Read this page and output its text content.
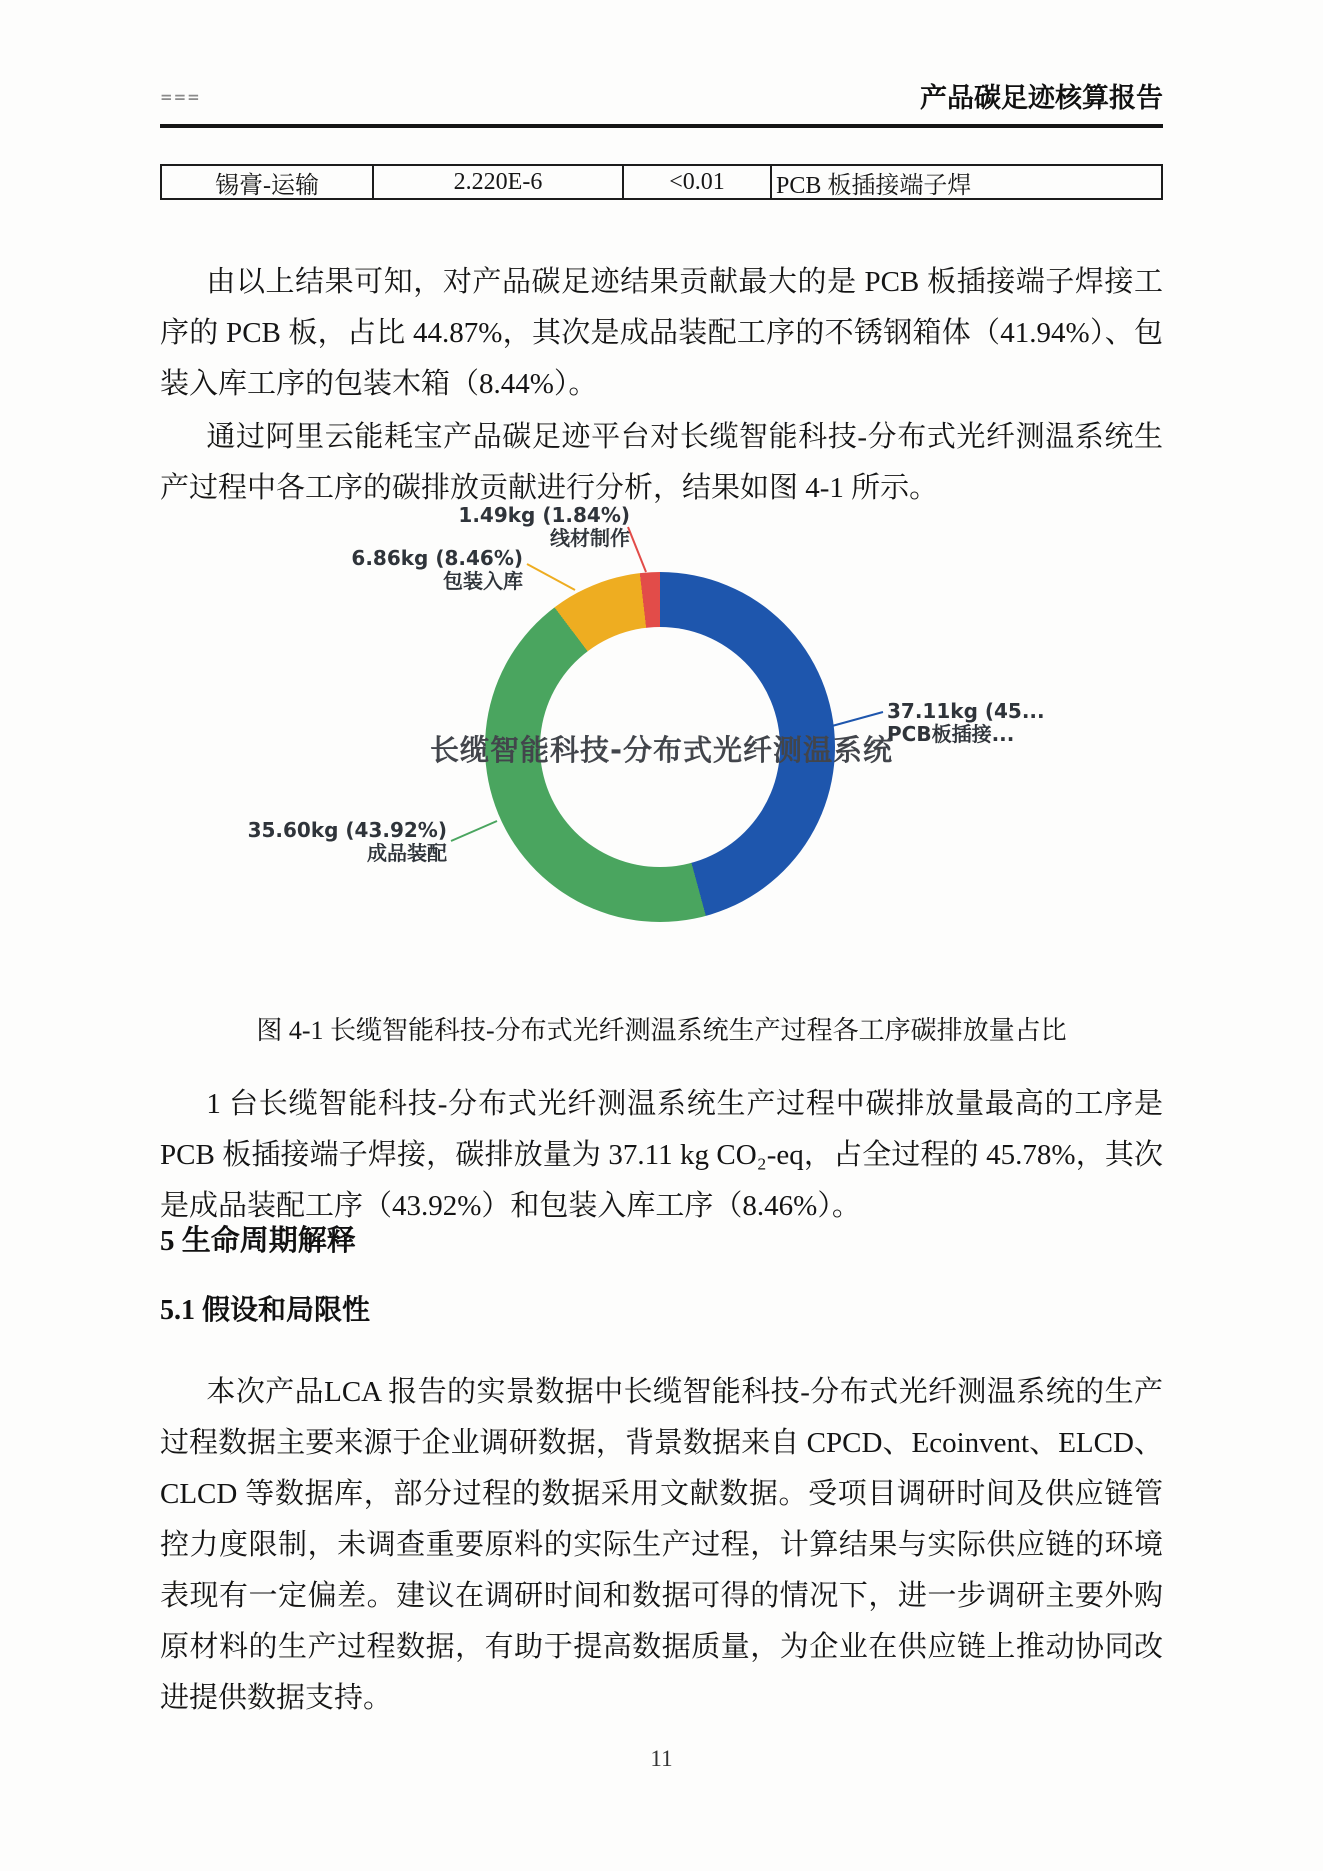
===	产品碳足迹核算报告
锡膏-运输	2.220E-6	<0.01	PCB 板插接端子焊

由以上结果可知，对产品碳足迹结果贡献最大的是 PCB 板插接端子焊接工序的 PCB 板，占比 44.87%，其次是成品装配工序的不锈钢箱体（41.94%）、包装入库工序的包装木箱（8.44%）。

通过阿里云能耗宝产品碳足迹平台对长缆智能科技-分布式光纤测温系统生产过程中各工序的碳排放贡献进行分析，结果如图 4-1 所示。

长缆智能科技-分布式光纤测温系统
37.11kg (45...
PCB板插接...
35.60kg (43.92%)
成品装配
6.86kg (8.46%)
包装入库
1.49kg (1.84%)
线材制作
图 4-1 长缆智能科技-分布式光纤测温系统生产过程各工序碳排放量占比

1 台长缆智能科技-分布式光纤测温系统生产过程中碳排放量最高的工序是 PCB 板插接端子焊接，碳排放量为 37.11 kg CO₂-eq，占全过程的 45.78%，其次是成品装配工序（43.92%）和包装入库工序（8.46%）。

5 生命周期解释
5.1 假设和局限性

本次产品LCA 报告的实景数据中长缆智能科技-分布式光纤测温系统的生产过程数据主要来源于企业调研数据，背景数据来自 CPCD、Ecoinvent、ELCD、CLCD 等数据库，部分过程的数据采用文献数据。受项目调研时间及供应链管控力度限制，未调查重要原料的实际生产过程，计算结果与实际供应链的环境表现有一定偏差。建议在调研时间和数据可得的情况下，进一步调研主要外购原材料的生产过程数据，有助于提高数据质量，为企业在供应链上推动协同改进提供数据支持。

11
